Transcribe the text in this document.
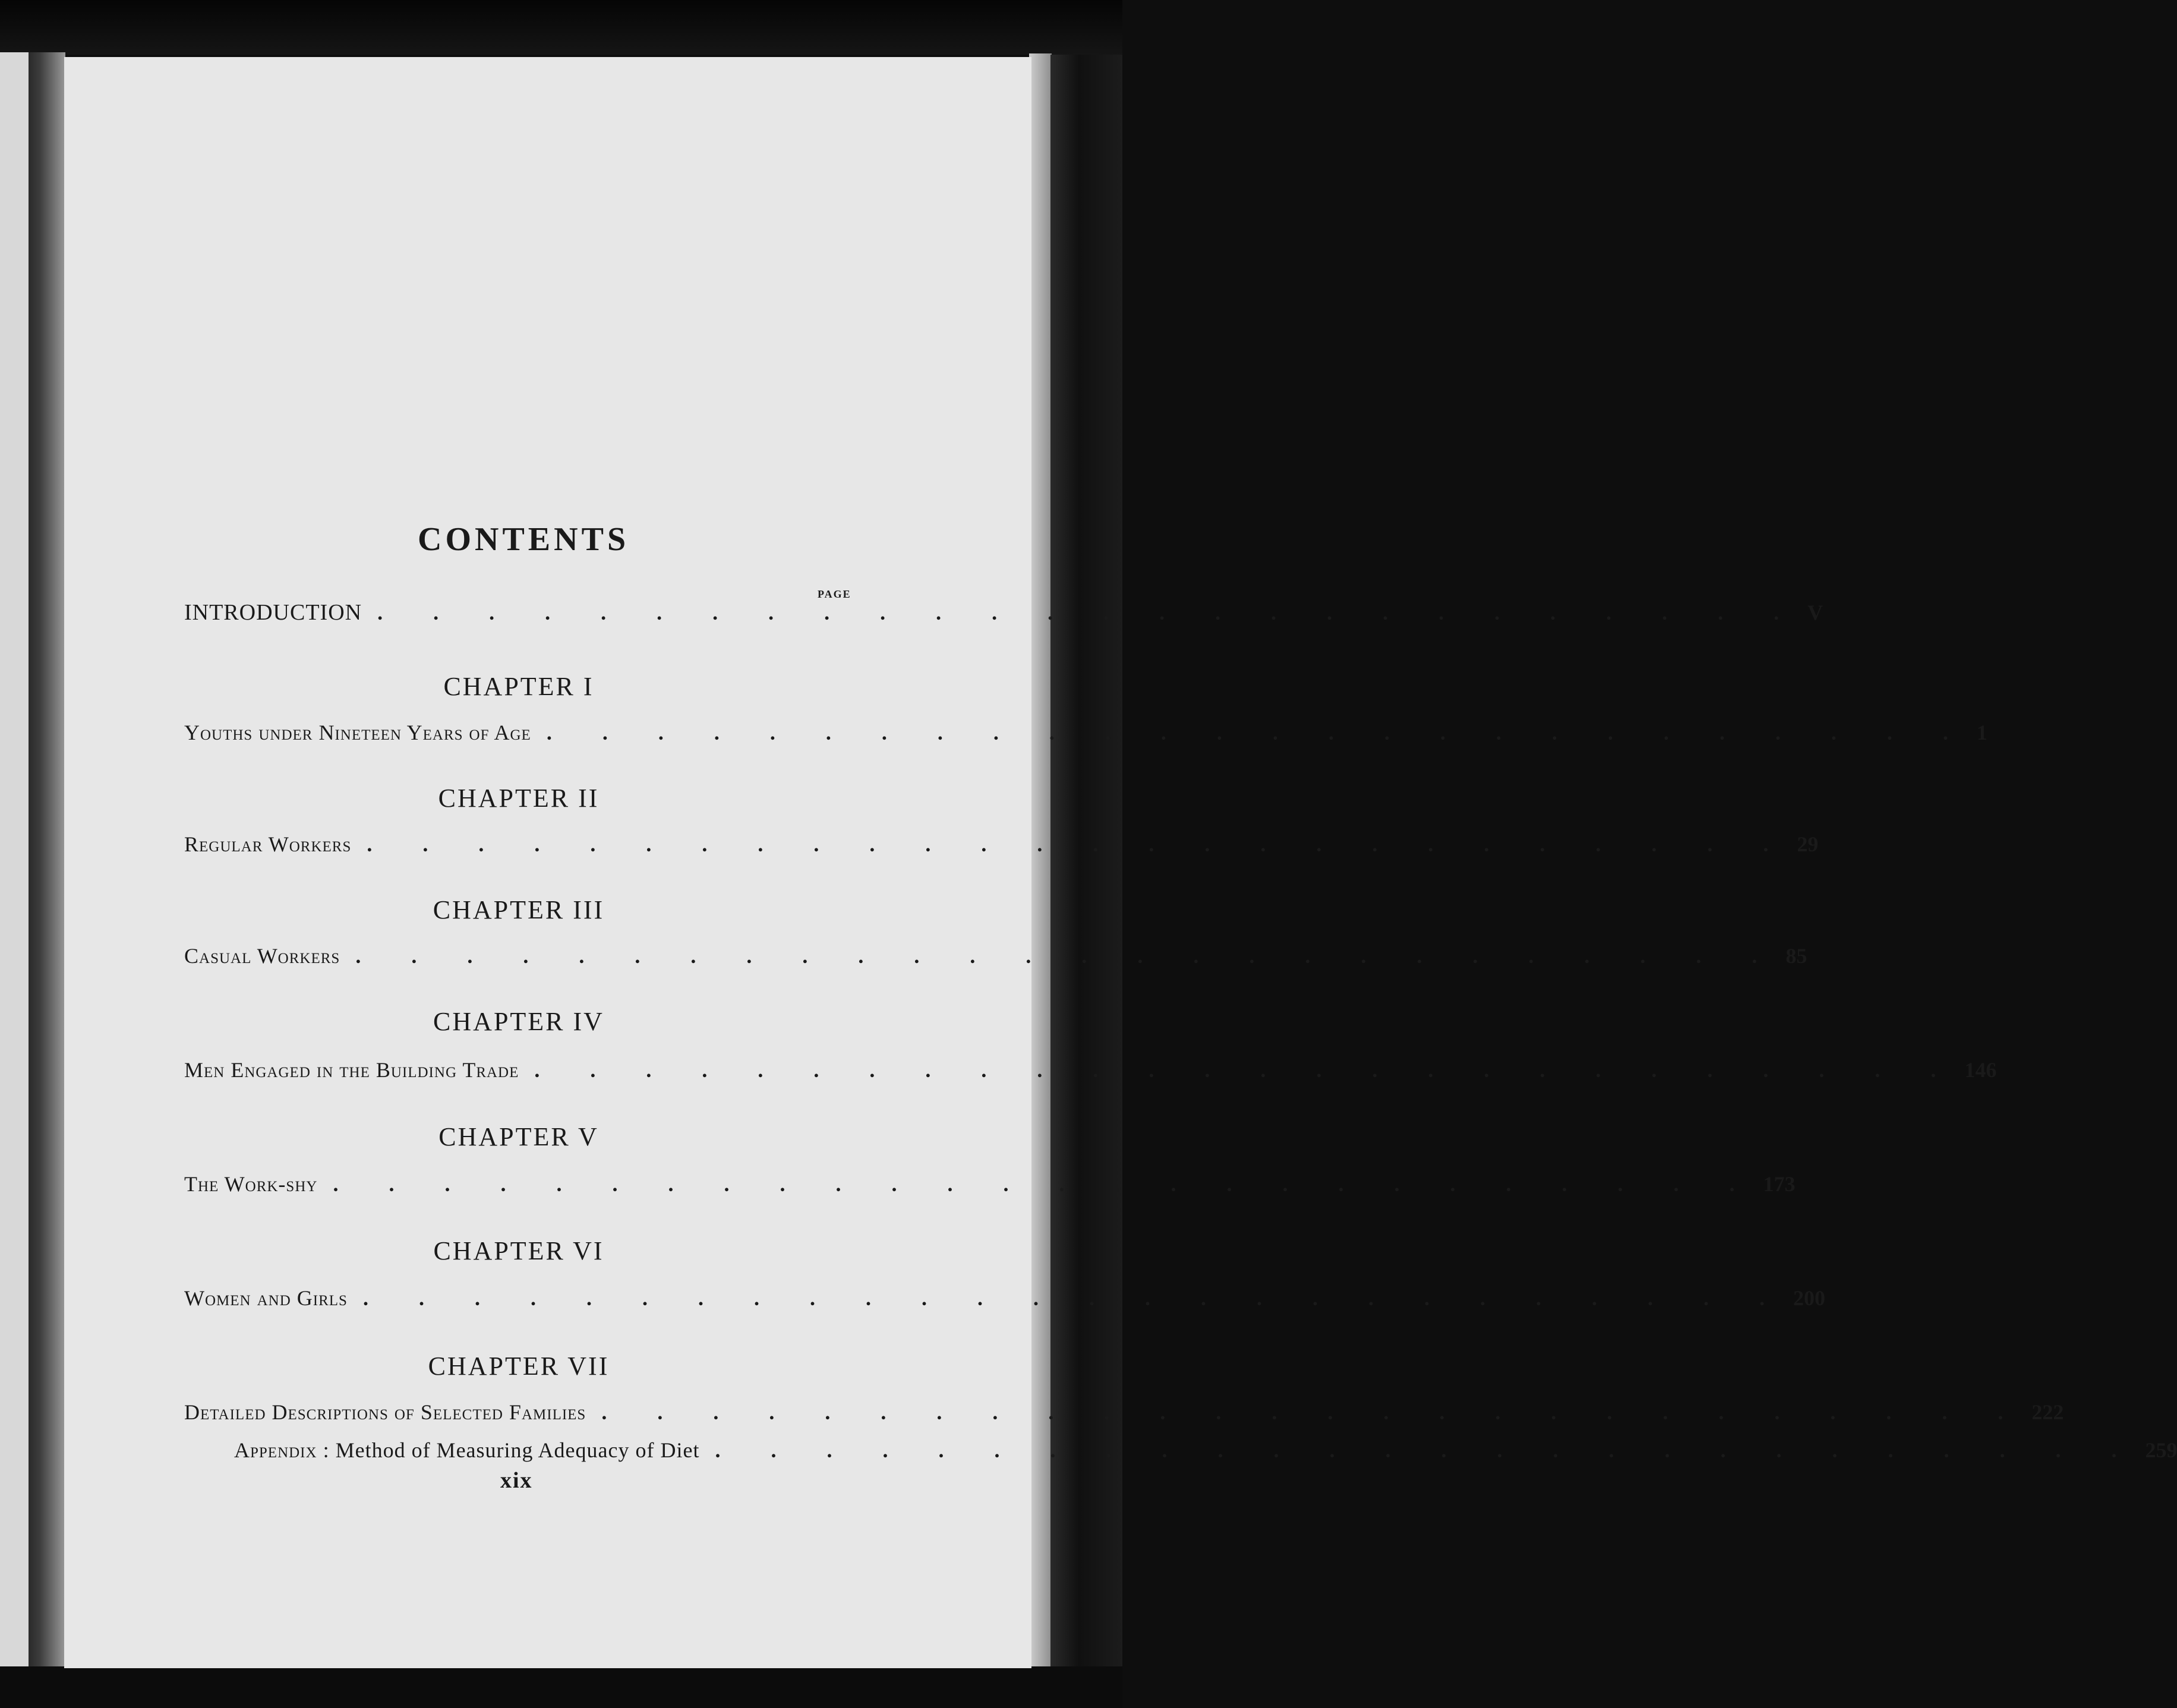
CONTENTS
PAGE
INTRODUCTION . . . . . . . . . . . . . . . . . . . . . . . . . . V
CHAPTER I
Youths under Nineteen Years of Age . . . . . . . . . . . . . . . . . . . . . . . . . . 1
CHAPTER II
Regular Workers . . . . . . . . . . . . . . . . . . . . . . . . . . 29
CHAPTER III
Casual Workers . . . . . . . . . . . . . . . . . . . . . . . . . . 85
CHAPTER IV
Men Engaged in the Building Trade . . . . . . . . . . . . . . . . . . . . . . . . . . 146
CHAPTER V
The Work-shy . . . . . . . . . . . . . . . . . . . . . . . . . . 173
CHAPTER VI
Women and Girls . . . . . . . . . . . . . . . . . . . . . . . . . . 200
CHAPTER VII
Detailed Descriptions of Selected Families . . . . . . . . . . . . . . . . . . . . . . . . . . 222
Appendix : Method of Measuring Adequacy of Diet . . . . . . . . . . . . . . . . . . . . . . . . . . 259
xix
